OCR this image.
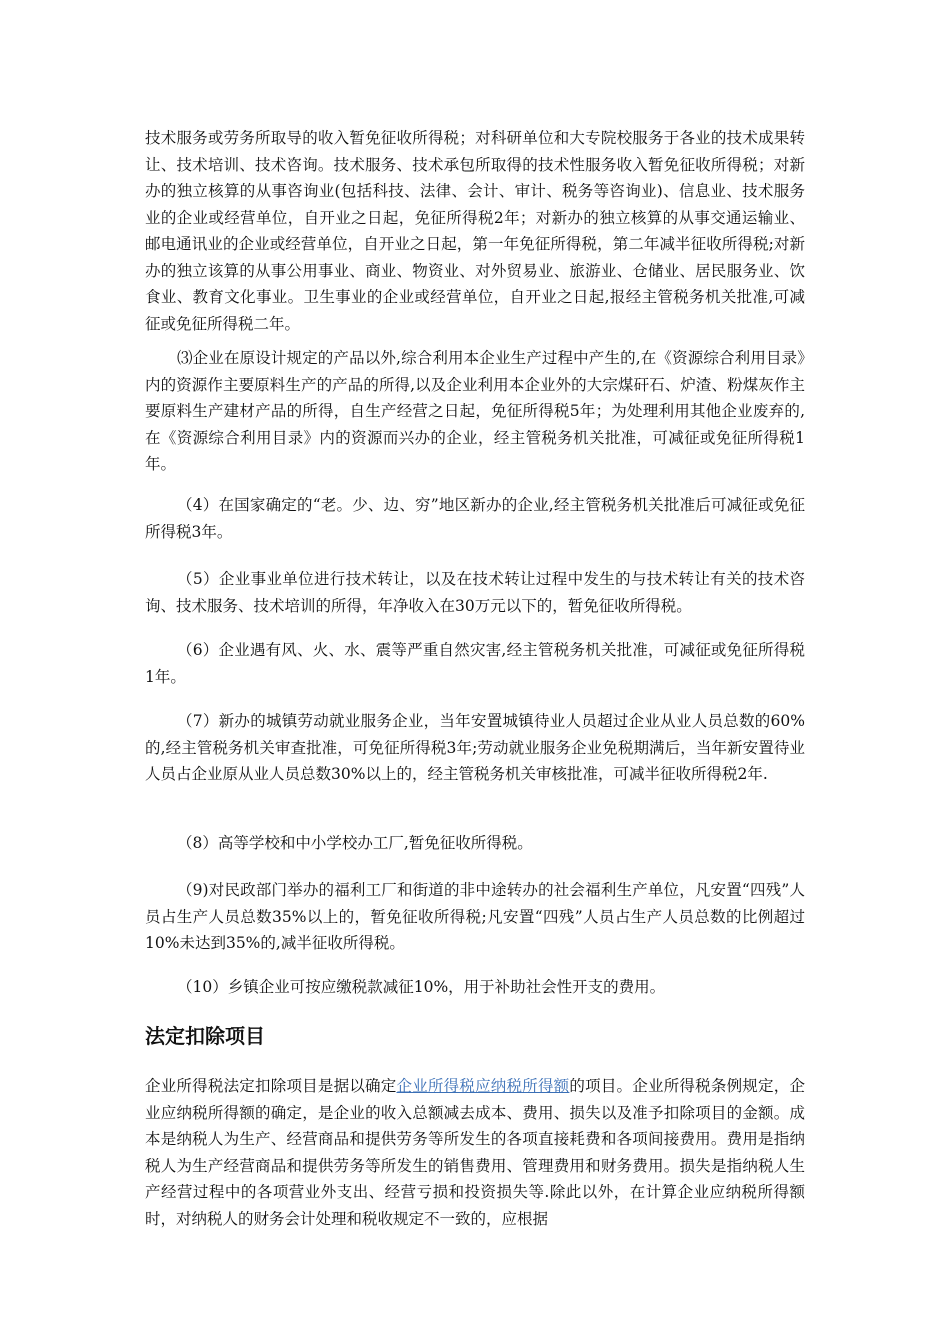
技术服务或劳务所取导的收入暂免征收所得税；对科研单位和大专院校服务于各业的技术成果转让、技术培训、技术咨询。技术服务、技术承包所取得的技术性服务收入暂免征收所得税；对新办的独立核算的从事咨询业(包括科技、法律、会计、审计、税务等咨询业)、信息业、技术服务业的企业或经营单位，自开业之日起，免征所得税2年；对新办的独立核算的从事交通运输业、邮电通讯业的企业或经营单位，自开业之日起，第一年免征所得税，第二年减半征收所得税;对新办的独立该算的从事公用事业、商业、物资业、对外贸易业、旅游业、仓储业、居民服务业、饮食业、教育文化事业。卫生事业的企业或经营单位，自开业之日起,报经主管税务机关批准,可减征或免征所得税二年。

⑶企业在原设计规定的产品以外,综合利用本企业生产过程中产生的,在《资源综合利用目录》内的资源作主要原料生产的产品的所得,以及企业利用本企业外的大宗煤矸石、炉渣、粉煤灰作主要原料生产建材产品的所得，自生产经营之日起，免征所得税5年；为处理利用其他企业废弃的,在《资源综合利用目录》内的资源而兴办的企业，经主管税务机关批准，可减征或免征所得税1年。

（4）在国家确定的“老。少、边、穷”地区新办的企业,经主管税务机关批准后可减征或免征所得税3年。

（5）企业事业单位进行技术转让，以及在技术转让过程中发生的与技术转让有关的技术咨询、技术服务、技术培训的所得，年净收入在30万元以下的，暂免征收所得税。

（6）企业遇有风、火、水、震等严重自然灾害,经主管税务机关批准，可减征或免征所得税1年。

（7）新办的城镇劳动就业服务企业，当年安置城镇待业人员超过企业从业人员总数的60%的,经主管税务机关审查批准，可免征所得税3年;劳动就业服务企业免税期满后，当年新安置待业人员占企业原从业人员总数30%以上的，经主管税务机关审核批准，可减半征收所得税2年.

（8）高等学校和中小学校办工厂,暂免征收所得税。

（9)对民政部门举办的福利工厂和街道的非中途转办的社会福利生产单位，凡安置“四残”人员占生产人员总数35%以上的，暂免征收所得税;凡安置“四残”人员占生产人员总数的比例超过10%未达到35%的,减半征收所得税。

（10）乡镇企业可按应缴税款减征10%，用于补助社会性开支的费用。

法定扣除项目

企业所得税法定扣除项目是据以确定企业所得税应纳税所得额的项目。企业所得税条例规定，企业应纳税所得额的确定，是企业的收入总额减去成本、费用、损失以及准予扣除项目的金额。成本是纳税人为生产、经营商品和提供劳务等所发生的各项直接耗费和各项间接费用。费用是指纳税人为生产经营商品和提供劳务等所发生的销售费用、管理费用和财务费用。损失是指纳税人生产经营过程中的各项营业外支出、经营亏损和投资损失等.除此以外，在计算企业应纳税所得额时，对纳税人的财务会计处理和税收规定不一致的，应根据
